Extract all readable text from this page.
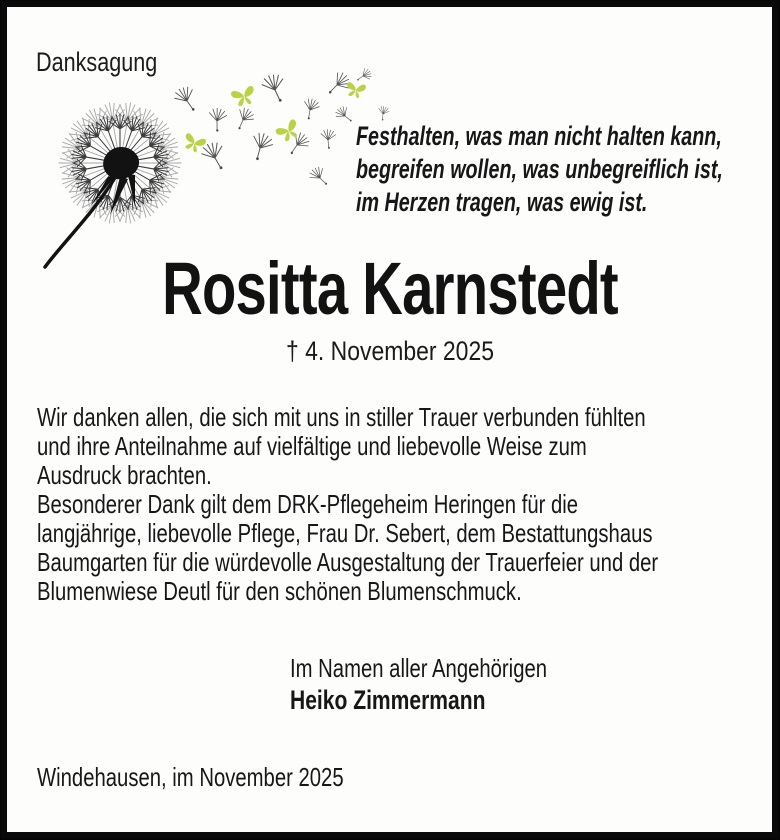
Danksagung
Festhalten, was man nicht halten kann,
begreifen wollen, was unbegreiflich ist,
im Herzen tragen, was ewig ist.
Rositta Karnstedt
† 4. November 2025
Wir danken allen, die sich mit uns in stiller Trauer verbunden fühlten
und ihre Anteilnahme auf vielfältige und liebevolle Weise zum
Ausdruck brachten.
Besonderer Dank gilt dem DRK-Pflegeheim Heringen für die
langjährige, liebevolle Pflege, Frau Dr. Sebert, dem Bestattungshaus
Baumgarten für die würdevolle Ausgestaltung der Trauerfeier und der
Blumenwiese Deutl für den schönen Blumenschmuck.
Im Namen aller Angehörigen
Heiko Zimmermann
Windehausen, im November 2025
